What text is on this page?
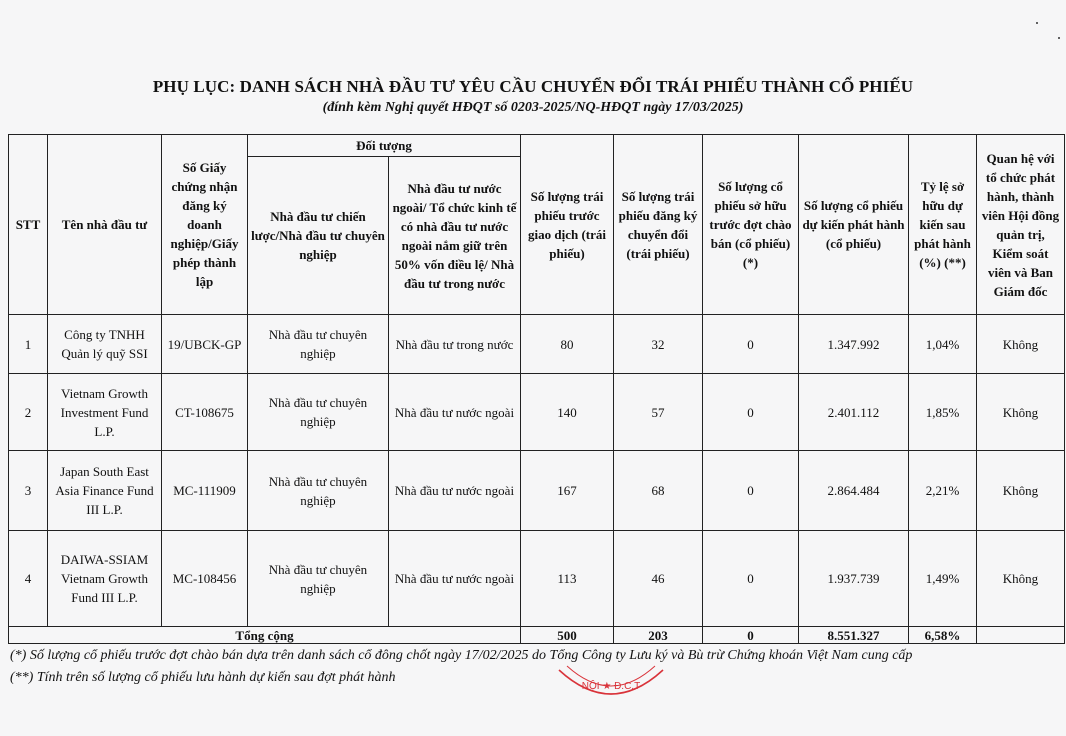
PHỤ LỤC: DANH SÁCH NHÀ ĐẦU TƯ YÊU CẦU CHUYỂN ĐỔI TRÁI PHIẾU THÀNH CỔ PHIẾU
(đính kèm Nghị quyết HĐQT số 0203-2025/NQ-HĐQT ngày 17/03/2025)
STT	Tên nhà đầu tư	Số Giấy chứng nhận đăng ký doanh nghiệp/Giấy phép thành lập	Đối tượng		Số lượng trái phiếu trước giao dịch (trái phiếu)	Số lượng trái phiếu đăng ký chuyển đổi (trái phiếu)	Số lượng cổ phiếu sở hữu trước đợt chào bán (cổ phiếu) (*)	Số lượng cổ phiếu dự kiến phát hành (cổ phiếu)	Tỷ lệ sở hữu dự kiến sau phát hành (%) (**)	Quan hệ với tổ chức phát hành, thành viên Hội đồng quản trị, Kiểm soát viên và Ban Giám đốc
			Nhà đầu tư chiến lược/Nhà đầu tư chuyên nghiệp	Nhà đầu tư nước ngoài/ Tổ chức kinh tế có nhà đầu tư nước ngoài nắm giữ trên 50% vốn điều lệ/ Nhà đầu tư trong nước						
1	Công ty TNHH Quản lý quỹ SSI	19/UBCK-GP	Nhà đầu tư chuyên nghiệp	Nhà đầu tư trong nước	80	32	0	1.347.992	1,04%	Không
2	Vietnam Growth Investment Fund L.P.	CT-108675	Nhà đầu tư chuyên nghiệp	Nhà đầu tư nước ngoài	140	57	0	2.401.112	1,85%	Không
3	Japan South East Asia Finance Fund III L.P.	MC-111909	Nhà đầu tư chuyên nghiệp	Nhà đầu tư nước ngoài	167	68	0	2.864.484	2,21%	Không
4	DAIWA-SSIAM Vietnam Growth Fund III L.P.	MC-108456	Nhà đầu tư chuyên nghiệp	Nhà đầu tư nước ngoài	113	46	0	1.937.739	1,49%	Không
Tổng cộng					500	203	0	8.551.327	6,58%	
(*) Số lượng cổ phiếu trước đợt chào bán dựa trên danh sách cổ đông chốt ngày 17/02/2025 do Tổng Công ty Lưu ký và Bù trừ Chứng khoán Việt Nam cung cấp
(**) Tính trên số lượng cổ phiếu lưu hành dự kiến sau đợt phát hành
NỘI ★ Đ.C.T
